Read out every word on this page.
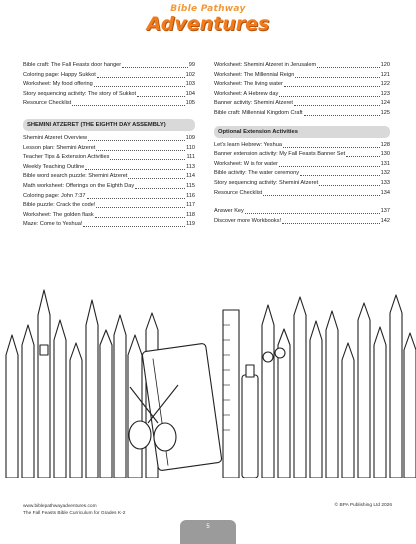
Bible Pathway
Adventures
Bible craft: The Fall Feasts door hanger	99
Coloring page: Happy Sukkot	102
Worksheet: My food offering	103
Story sequencing activity: The story of Sukkot	104
Resource Checklist	105
SHEMINI ATZERET (THE EIGHTH DAY ASSEMBLY)
Shemini Atzeret Overview	109
Lesson plan: Shemini Atzeret	110
Teacher Tips & Extension Activities	111
Weekly Teaching Outline	113
Bible word search puzzle: Shemini Atzeret	114
Math worksheet: Offerings on the Eighth Day	115
Coloring page: John 7:37	116
Bible puzzle: Crack the code!	117
Worksheet: The golden flask	118
Maze: Come to Yeshua!	119
Worksheet: Shemini Atzeret in Jerusalem	120
Worksheet: The Millennial Reign	121
Worksheet: The living water	122
Worksheet: A Hebrew day	123
Banner activity: Shemini Atzeret	124
Bible craft: Millennial Kingdom Craft	125
Optional Extension Activities
Let's learn Hebrew: Yeshua	128
Banner extension activity: My Fall Feasts Banner Set	130
Worksheet: W is for water	131
Bible activity: The water ceremony	132
Story sequencing activity: Shemini Atzeret	133
Resource Checklist	134
Answer Key	137
Discover more Workbooks!	142
www.biblepathwayadventures.com
The Fall Feasts Bible Curriculum for Grades K-2
© BPA Publishing Ltd 2026
5
